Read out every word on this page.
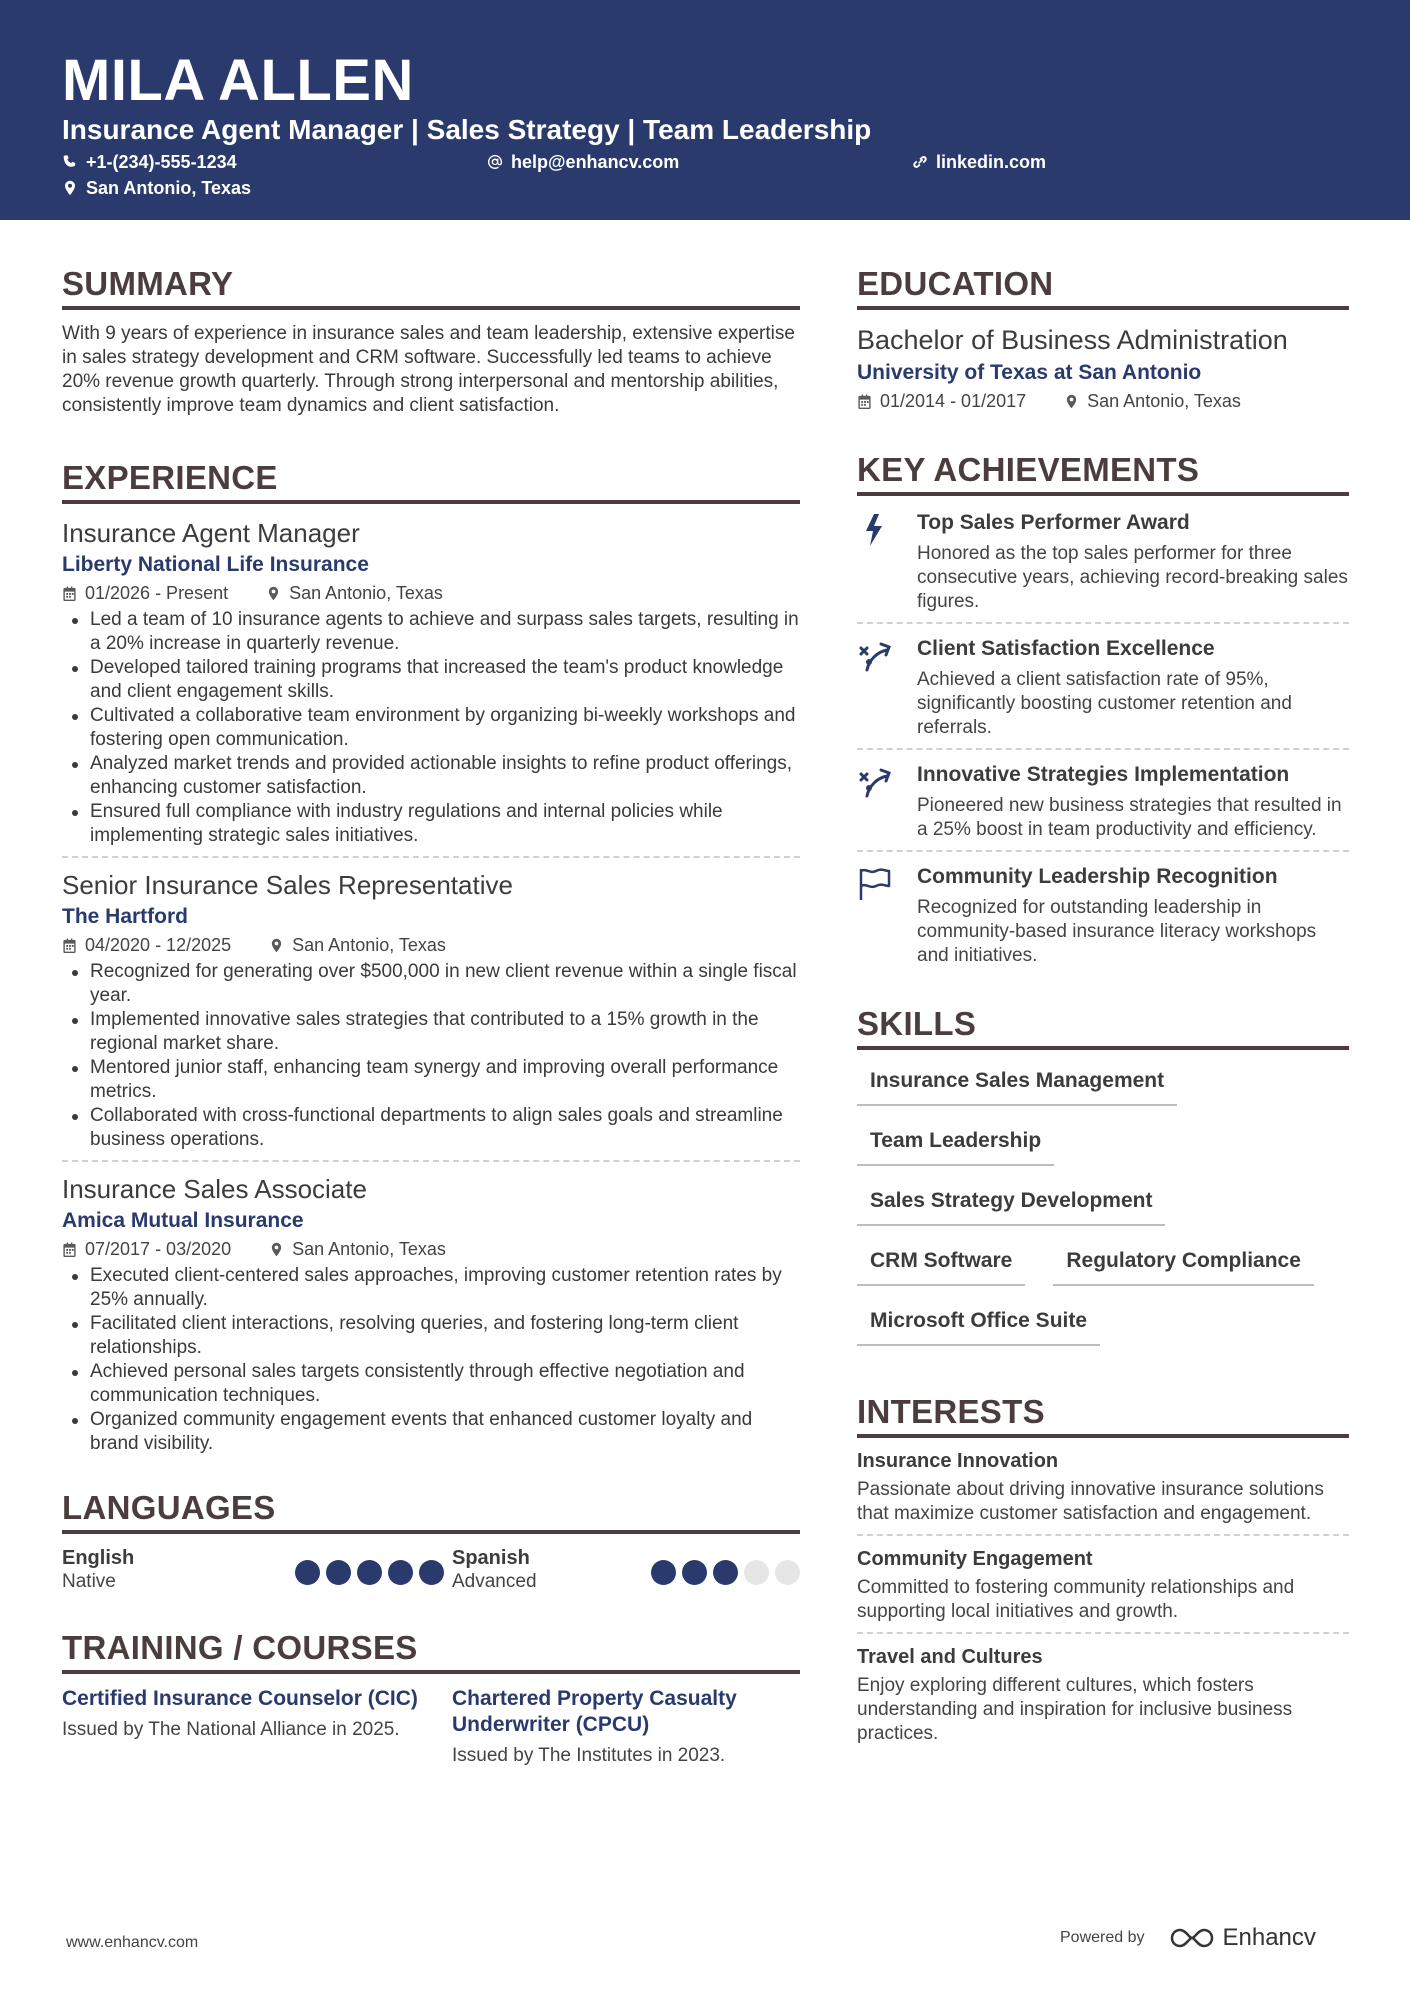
MILA ALLEN
Insurance Agent Manager | Sales Strategy | Team Leadership
+1-(234)-555-1234	help@enhancv.com	linkedin.com
San Antonio, Texas
SUMMARY
With 9 years of experience in insurance sales and team leadership, extensive expertise in sales strategy development and CRM software. Successfully led teams to achieve 20% revenue growth quarterly. Through strong interpersonal and mentorship abilities, consistently improve team dynamics and client satisfaction.
EXPERIENCE
Insurance Agent Manager
Liberty National Life Insurance
01/2026 - Present	San Antonio, Texas
Led a team of 10 insurance agents to achieve and surpass sales targets, resulting in a 20% increase in quarterly revenue.
Developed tailored training programs that increased the team's product knowledge and client engagement skills.
Cultivated a collaborative team environment by organizing bi-weekly workshops and fostering open communication.
Analyzed market trends and provided actionable insights to refine product offerings, enhancing customer satisfaction.
Ensured full compliance with industry regulations and internal policies while implementing strategic sales initiatives.
Senior Insurance Sales Representative
The Hartford
04/2020 - 12/2025	San Antonio, Texas
Recognized for generating over $500,000 in new client revenue within a single fiscal year.
Implemented innovative sales strategies that contributed to a 15% growth in the regional market share.
Mentored junior staff, enhancing team synergy and improving overall performance metrics.
Collaborated with cross-functional departments to align sales goals and streamline business operations.
Insurance Sales Associate
Amica Mutual Insurance
07/2017 - 03/2020	San Antonio, Texas
Executed client-centered sales approaches, improving customer retention rates by 25% annually.
Facilitated client interactions, resolving queries, and fostering long-term client relationships.
Achieved personal sales targets consistently through effective negotiation and communication techniques.
Organized community engagement events that enhanced customer loyalty and brand visibility.
LANGUAGES
English
Native
Spanish
Advanced
TRAINING / COURSES
Certified Insurance Counselor (CIC)
Issued by The National Alliance in 2025.
Chartered Property Casualty Underwriter (CPCU)
Issued by The Institutes in 2023.
EDUCATION
Bachelor of Business Administration
University of Texas at San Antonio
01/2014 - 01/2017	San Antonio, Texas
KEY ACHIEVEMENTS
Top Sales Performer Award
Honored as the top sales performer for three consecutive years, achieving record-breaking sales figures.
Client Satisfaction Excellence
Achieved a client satisfaction rate of 95%, significantly boosting customer retention and referrals.
Innovative Strategies Implementation
Pioneered new business strategies that resulted in a 25% boost in team productivity and efficiency.
Community Leadership Recognition
Recognized for outstanding leadership in community-based insurance literacy workshops and initiatives.
SKILLS
Insurance Sales Management
Team Leadership
Sales Strategy Development
CRM Software	Regulatory Compliance
Microsoft Office Suite
INTERESTS
Insurance Innovation
Passionate about driving innovative insurance solutions that maximize customer satisfaction and engagement.
Community Engagement
Committed to fostering community relationships and supporting local initiatives and growth.
Travel and Cultures
Enjoy exploring different cultures, which fosters understanding and inspiration for inclusive business practices.
www.enhancv.com	Powered by	Enhancv
